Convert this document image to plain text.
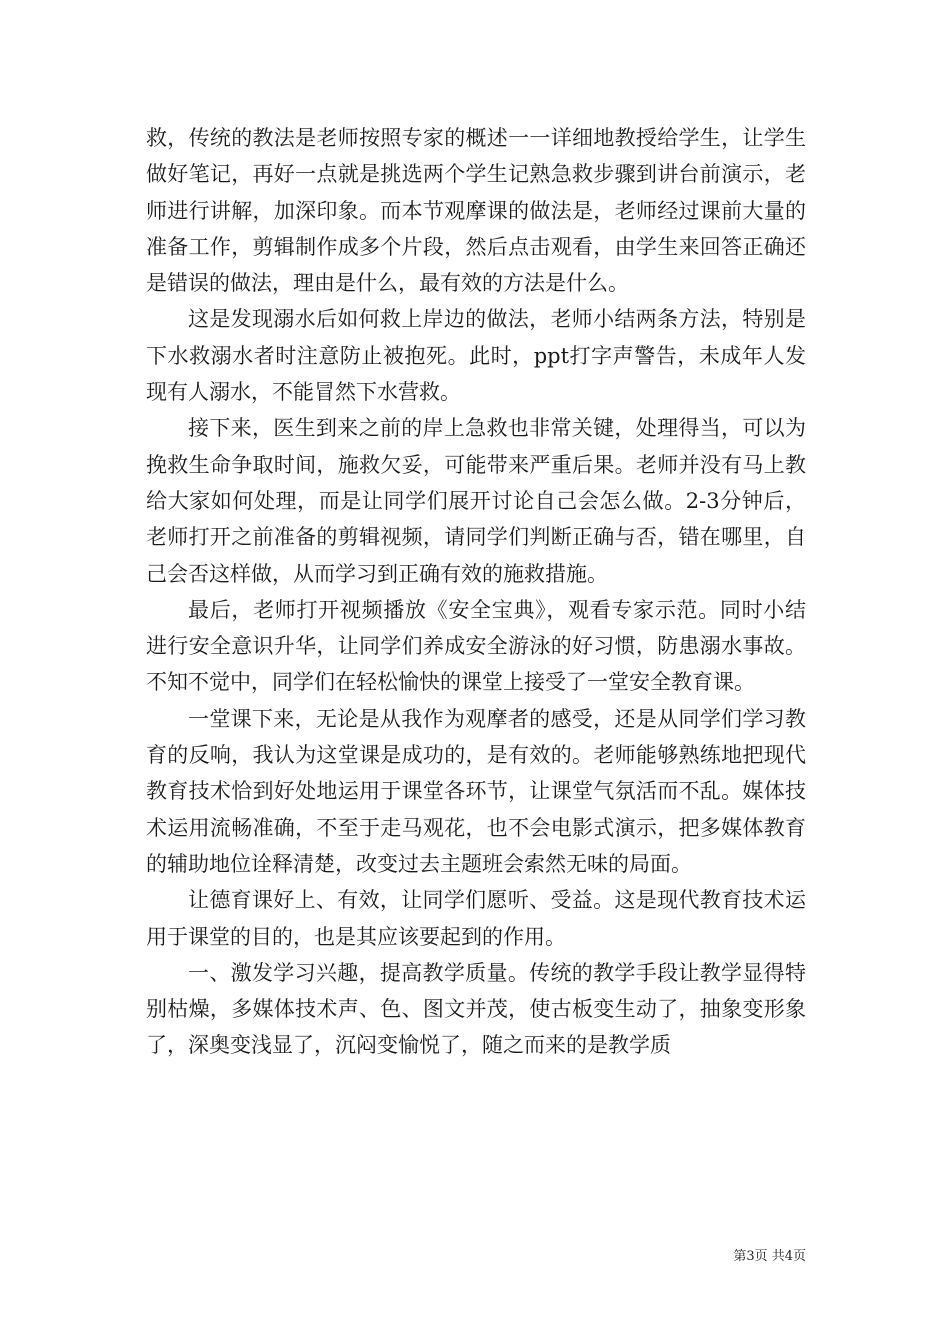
救，传统的教法是老师按照专家的概述一一详细地教授给学生，让学生做好笔记，再好一点就是挑选两个学生记熟急救步骤到讲台前演示，老师进行讲解，加深印象。而本节观摩课的做法是，老师经过课前大量的准备工作，剪辑制作成多个片段，然后点击观看，由学生来回答正确还是错误的做法，理由是什么，最有效的方法是什么。

这是发现溺水后如何救上岸边的做法，老师小结两条方法，特别是下水救溺水者时注意防止被抱死。此时，ppt打字声警告，未成年人发现有人溺水，不能冒然下水营救。

接下来，医生到来之前的岸上急救也非常关键，处理得当，可以为挽救生命争取时间，施救欠妥，可能带来严重后果。老师并没有马上教给大家如何处理，而是让同学们展开讨论自己会怎么做。2-3分钟后，老师打开之前准备的剪辑视频，请同学们判断正确与否，错在哪里，自己会否这样做，从而学习到正确有效的施救措施。

最后，老师打开视频播放《安全宝典》，观看专家示范。同时小结进行安全意识升华，让同学们养成安全游泳的好习惯，防患溺水事故。不知不觉中，同学们在轻松愉快的课堂上接受了一堂安全教育课。

一堂课下来，无论是从我作为观摩者的感受，还是从同学们学习教育的反响，我认为这堂课是成功的，是有效的。老师能够熟练地把现代教育技术恰到好处地运用于课堂各环节，让课堂气氛活而不乱。媒体技术运用流畅准确，不至于走马观花，也不会电影式演示，把多媒体教育的辅助地位诠释清楚，改变过去主题班会索然无味的局面。

让德育课好上、有效，让同学们愿听、受益。这是现代教育技术运用于课堂的目的，也是其应该要起到的作用。

一、激发学习兴趣，提高教学质量。传统的教学手段让教学显得特别枯燥，多媒体技术声、色、图文并茂，使古板变生动了，抽象变形象了，深奥变浅显了，沉闷变愉悦了，随之而来的是教学质

第3页 共4页
